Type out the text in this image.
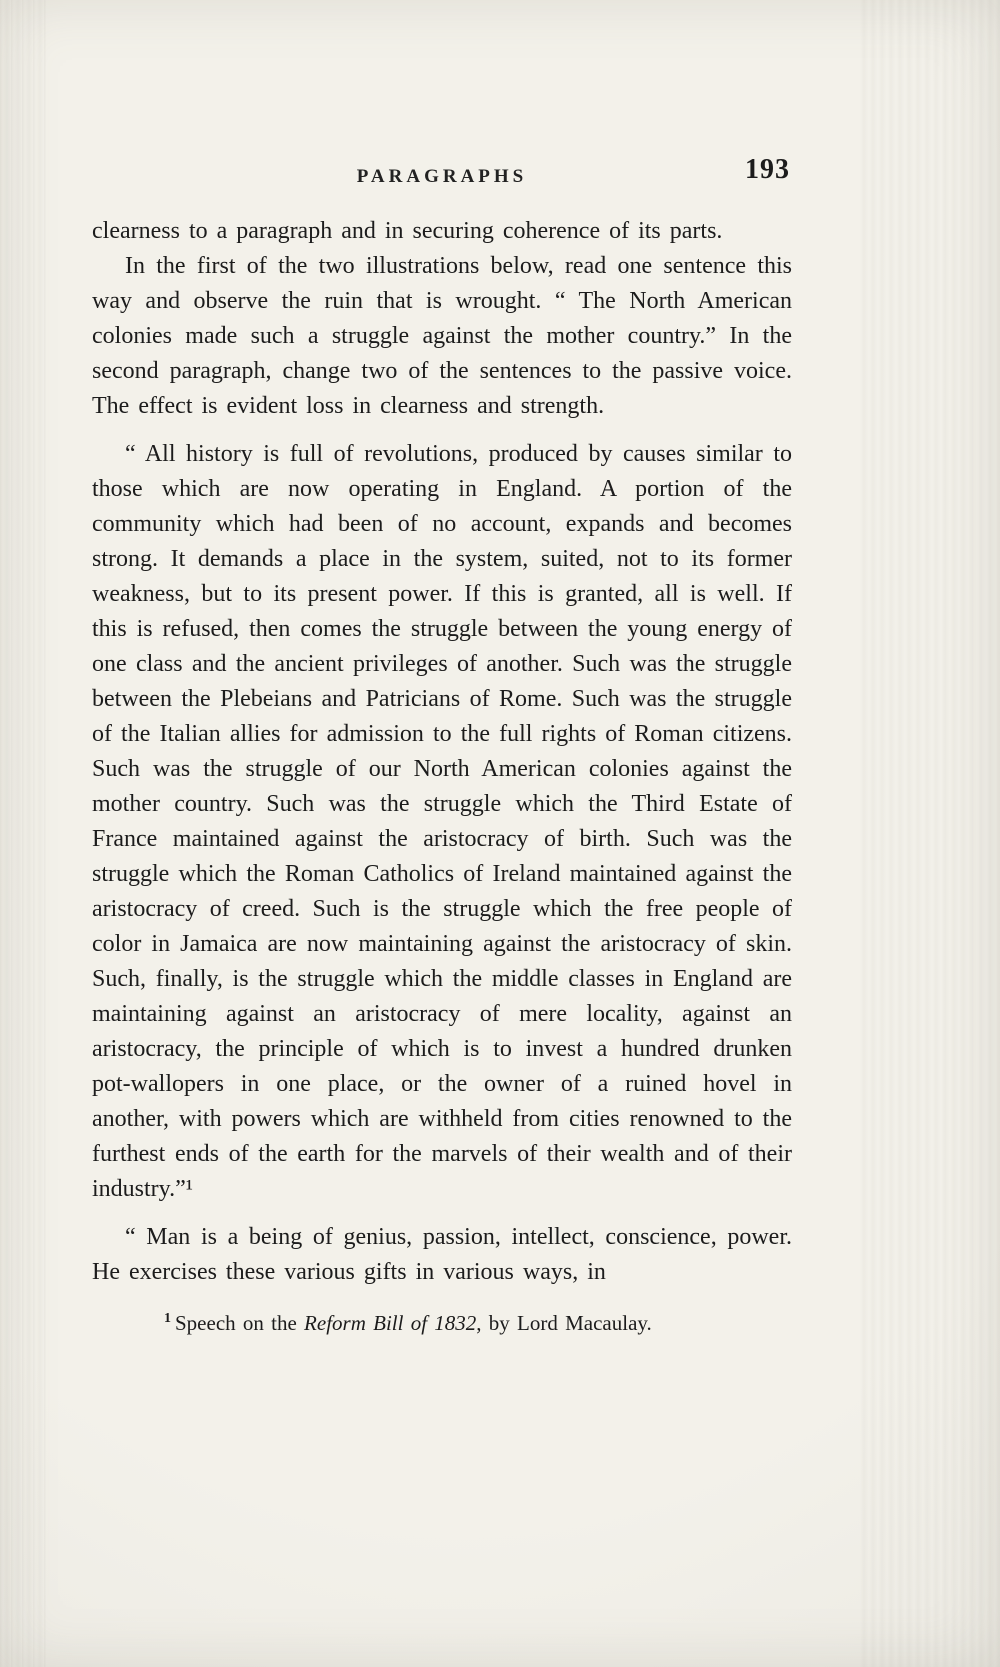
PARAGRAPHS	193

clearness to a paragraph and in securing coherence of its parts.

In the first of the two illustrations below, read one sentence this way and observe the ruin that is wrought. “ The North American colonies made such a struggle against the mother country.” In the second paragraph, change two of the sentences to the passive voice. The effect is evident loss in clearness and strength.

“ All history is full of revolutions, produced by causes similar to those which are now operating in England. A portion of the community which had been of no account, expands and becomes strong. It demands a place in the system, suited, not to its former weakness, but to its present power. If this is granted, all is well. If this is refused, then comes the struggle between the young energy of one class and the ancient privileges of another. Such was the struggle between the Plebeians and Patricians of Rome. Such was the struggle of the Italian allies for admission to the full rights of Roman citizens. Such was the struggle of our North American colonies against the mother country. Such was the struggle which the Third Estate of France maintained against the aristocracy of birth. Such was the struggle which the Roman Catholics of Ireland maintained against the aristocracy of creed. Such is the struggle which the free people of color in Jamaica are now maintaining against the aristocracy of skin. Such, finally, is the struggle which the middle classes in England are maintaining against an aristocracy of mere locality, against an aristocracy, the principle of which is to invest a hundred drunken pot-wallopers in one place, or the owner of a ruined hovel in another, with powers which are withheld from cities renowned to the furthest ends of the earth for the marvels of their wealth and of their industry.”¹

“ Man is a being of genius, passion, intellect, conscience, power. He exercises these various gifts in various ways, in

$^1$ Speech on the Reform Bill of 1832, by Lord Macaulay.
